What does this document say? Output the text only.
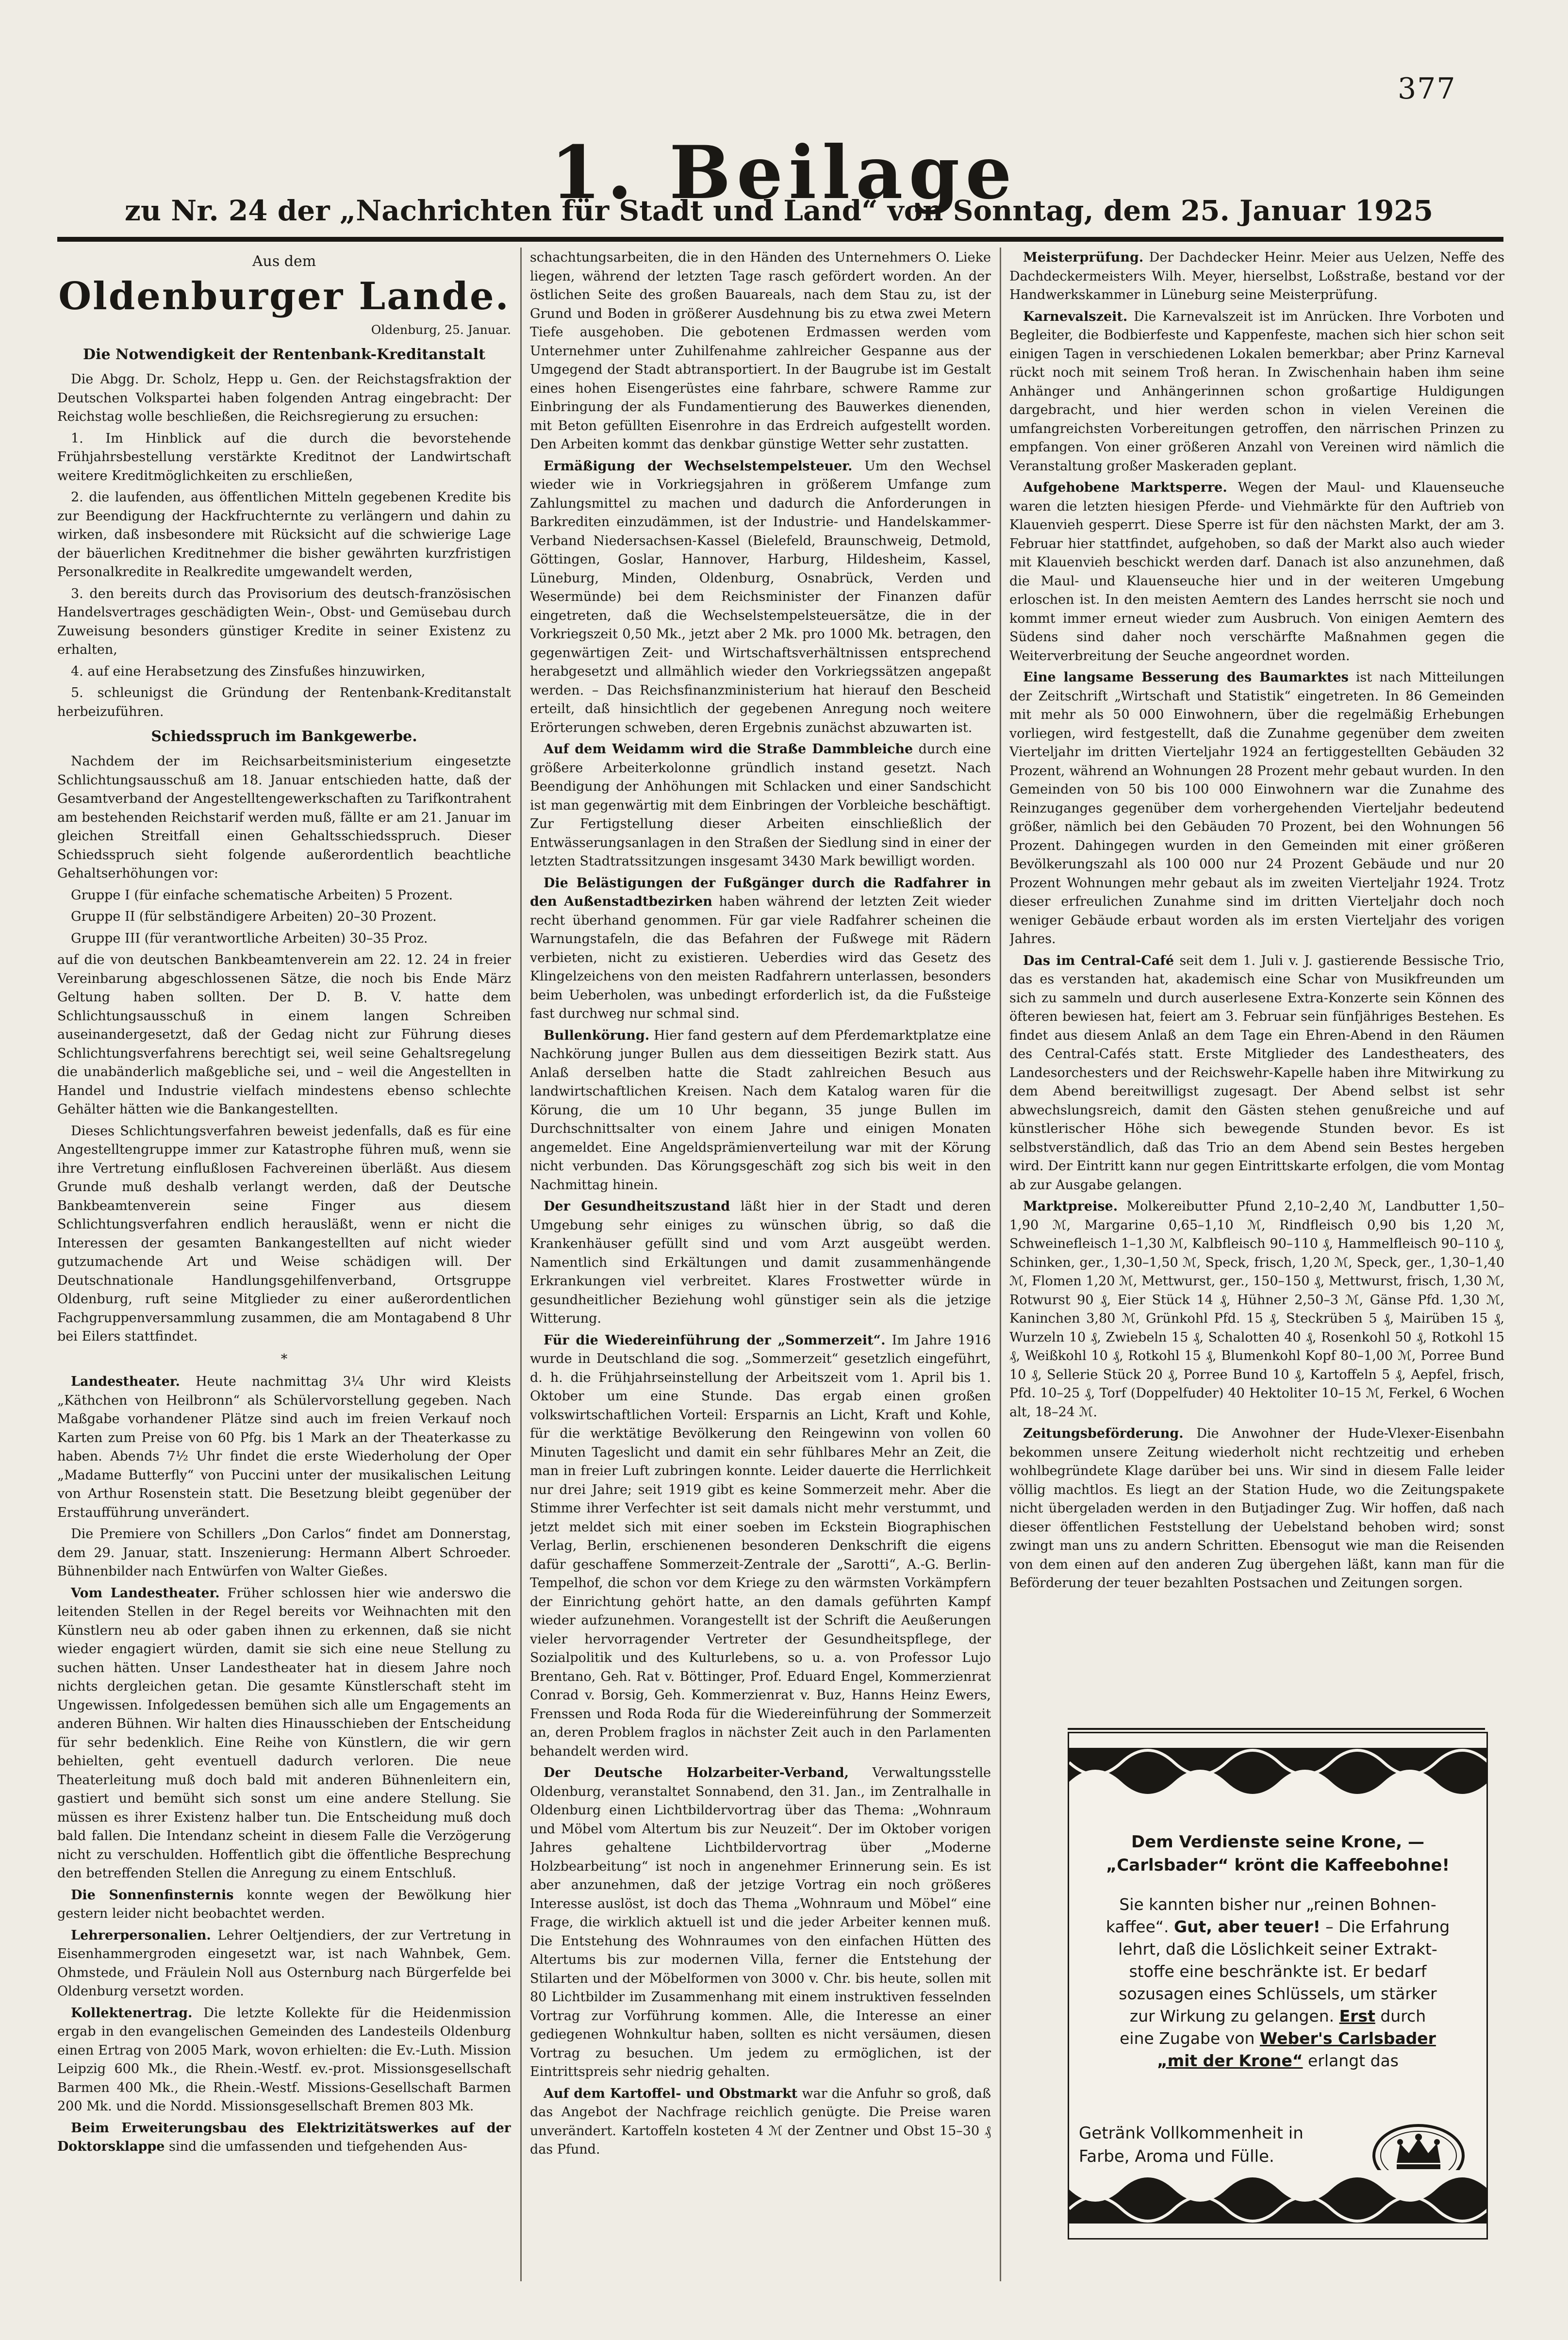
377
1. Beilage
zu Nr. 24 der „Nachrichten für Stadt und Land“ von Sonntag, dem 25. Januar 1925
Aus dem
Oldenburger Lande.
Oldenburg, 25. Januar.
Die Notwendigkeit der Rentenbank-Kreditanstalt

Die Abgg. Dr. Scholz, Hepp u. Gen. der Reichstagsfraktion der Deutschen Volkspartei haben folgenden Antrag eingebracht: Der Reichstag wolle beschließen, die Reichsregierung zu ersuchen:

1. Im Hinblick auf die durch die bevorstehende Frühjahrsbestellung verstärkte Kreditnot der Landwirtschaft weitere Kreditmöglichkeiten zu erschließen,

2. die laufenden, aus öffentlichen Mitteln gegebenen Kredite bis zur Beendigung der Hackfruchternte zu verlängern und dahin zu wirken, daß insbesondere mit Rücksicht auf die schwierige Lage der bäuerlichen Kreditnehmer die bisher gewährten kurzfristigen Personalkredite in Realkredite umgewandelt werden,

3. den bereits durch das Provisorium des deutsch-französischen Handelsvertrages geschädigten Wein-, Obst- und Gemüsebau durch Zuweisung besonders günstiger Kredite in seiner Existenz zu erhalten,

4. auf eine Herabsetzung des Zinsfußes hinzuwirken,

5. schleunigst die Gründung der Rentenbank-Kreditanstalt herbeizuführen.

Schiedsspruch im Bankgewerbe.

Nachdem der im Reichsarbeitsministerium eingesetzte Schlichtungsausschuß am 18. Januar entschieden hatte, daß der Gesamtverband der Angestelltengewerkschaften zu Tarifkontrahent am bestehenden Reichstarif werden muß, fällte er am 21. Januar im gleichen Streitfall einen Gehaltsschiedsspruch. Dieser Schiedsspruch sieht folgende außerordentlich beachtliche Gehaltserhöhungen vor:

Gruppe I (für einfache schematische Arbeiten) 5 Prozent.

Gruppe II (für selbständigere Arbeiten) 20–30 Prozent.

Gruppe III (für verantwortliche Arbeiten) 30–35 Proz.

auf die von deutschen Bankbeamtenverein am 22. 12. 24 in freier Vereinbarung abgeschlossenen Sätze, die noch bis Ende März Geltung haben sollten. Der D. B. V. hatte dem Schlichtungsausschuß in einem langen Schreiben auseinandergesetzt, daß der Gedag nicht zur Führung dieses Schlichtungsverfahrens berechtigt sei, weil seine Gehaltsregelung die unabänderlich maßgebliche sei, und – weil die Angestellten in Handel und Industrie vielfach mindestens ebenso schlechte Gehälter hätten wie die Bankangestellten.

Dieses Schlichtungsverfahren beweist jedenfalls, daß es für eine Angestelltengruppe immer zur Katastrophe führen muß, wenn sie ihre Vertretung einflußlosen Fachvereinen überläßt. Aus diesem Grunde muß deshalb verlangt werden, daß der Deutsche Bankbeamtenverein seine Finger aus diesem Schlichtungsverfahren endlich herausläßt, wenn er nicht die Interessen der gesamten Bankangestellten auf nicht wieder gutzumachende Art und Weise schädigen will. Der Deutschnationale Handlungsgehilfenverband, Ortsgruppe Oldenburg, ruft seine Mitglieder zu einer außerordentlichen Fachgruppenversammlung zusammen, die am Montagabend 8 Uhr bei Eilers stattfindet.

*

Landestheater. Heute nachmittag 3¼ Uhr wird Kleists „Käthchen von Heilbronn“ als Schülervorstellung gegeben. Nach Maßgabe vorhandener Plätze sind auch im freien Verkauf noch Karten zum Preise von 60 Pfg. bis 1 Mark an der Theaterkasse zu haben. Abends 7½ Uhr findet die erste Wiederholung der Oper „Madame Butterfly“ von Puccini unter der musikalischen Leitung von Arthur Rosenstein statt. Die Besetzung bleibt gegenüber der Erstaufführung unverändert.

Die Premiere von Schillers „Don Carlos“ findet am Donnerstag, dem 29. Januar, statt. Inszenierung: Hermann Albert Schroeder. Bühnenbilder nach Entwürfen von Walter Gießes.

Vom Landestheater. Früher schlossen hier wie anderswo die leitenden Stellen in der Regel bereits vor Weihnachten mit den Künstlern neu ab oder gaben ihnen zu erkennen, daß sie nicht wieder engagiert würden, damit sie sich eine neue Stellung zu suchen hätten. Unser Landestheater hat in diesem Jahre noch nichts dergleichen getan. Die gesamte Künstlerschaft steht im Ungewissen. Infolgedessen bemühen sich alle um Engagements an anderen Bühnen. Wir halten dies Hinausschieben der Entscheidung für sehr bedenklich. Eine Reihe von Künstlern, die wir gern behielten, geht eventuell dadurch verloren. Die neue Theaterleitung muß doch bald mit anderen Bühnenleitern ein, gastiert und bemüht sich sonst um eine andere Stellung. Sie müssen es ihrer Existenz halber tun. Die Entscheidung muß doch bald fallen. Die Intendanz scheint in diesem Falle die Verzögerung nicht zu verschulden. Hoffentlich gibt die öffentliche Besprechung den betreffenden Stellen die Anregung zu einem Entschluß.

Die Sonnenfinsternis konnte wegen der Bewölkung hier gestern leider nicht beobachtet werden.

Lehrerpersonalien. Lehrer Oeltjendiers, der zur Vertretung in Eisenhammergroden eingesetzt war, ist nach Wahnbek, Gem. Ohmstede, und Fräulein Noll aus Osternburg nach Bürgerfelde bei Oldenburg versetzt worden.

Kollektenertrag. Die letzte Kollekte für die Heidenmission ergab in den evangelischen Gemeinden des Landesteils Oldenburg einen Ertrag von 2005 Mark, wovon erhielten: die Ev.-Luth. Mission Leipzig 600 Mk., die Rhein.-Westf. ev.-prot. Missionsgesellschaft Barmen 400 Mk., die Rhein.-Westf. Missions-Gesellschaft Barmen 200 Mk. und die Nordd. Missionsgesellschaft Bremen 803 Mk.

Beim Erweiterungsbau des Elektrizitätswerkes auf der Doktorsklappe sind die umfassenden und tiefgehenden Aus-

schachtungsarbeiten, die in den Händen des Unternehmers O. Lieke liegen, während der letzten Tage rasch gefördert worden. An der östlichen Seite des großen Bauareals, nach dem Stau zu, ist der Grund und Boden in größerer Ausdehnung bis zu etwa zwei Metern Tiefe ausgehoben. Die gebotenen Erdmassen werden vom Unternehmer unter Zuhilfenahme zahlreicher Gespanne aus der Umgegend der Stadt abtransportiert. In der Baugrube ist im Gestalt eines hohen Eisengerüstes eine fahrbare, schwere Ramme zur Einbringung der als Fundamentierung des Bauwerkes dienenden, mit Beton gefüllten Eisenrohre in das Erdreich aufgestellt worden. Den Arbeiten kommt das denkbar günstige Wetter sehr zustatten.

Ermäßigung der Wechselstempelsteuer. Um den Wechsel wieder wie in Vorkriegsjahren in größerem Umfange zum Zahlungsmittel zu machen und dadurch die Anforderungen in Barkrediten einzudämmen, ist der Industrie- und Handelskammer-Verband Niedersachsen-Kassel (Bielefeld, Braunschweig, Detmold, Göttingen, Goslar, Hannover, Harburg, Hildesheim, Kassel, Lüneburg, Minden, Oldenburg, Osnabrück, Verden und Wesermünde) bei dem Reichsminister der Finanzen dafür eingetreten, daß die Wechselstempelsteuersätze, die in der Vorkriegszeit 0,50 Mk., jetzt aber 2 Mk. pro 1000 Mk. betragen, den gegenwärtigen Zeit- und Wirtschaftsverhältnissen entsprechend herabgesetzt und allmählich wieder den Vorkriegssätzen angepaßt werden. – Das Reichsfinanzministerium hat hierauf den Bescheid erteilt, daß hinsichtlich der gegebenen Anregung noch weitere Erörterungen schweben, deren Ergebnis zunächst abzuwarten ist.

Auf dem Weidamm wird die Straße Dammbleiche durch eine größere Arbeiterkolonne gründlich instand gesetzt. Nach Beendigung der Anhöhungen mit Schlacken und einer Sandschicht ist man gegenwärtig mit dem Einbringen der Vorbleiche beschäftigt. Zur Fertigstellung dieser Arbeiten einschließlich der Entwässerungsanlagen in den Straßen der Siedlung sind in einer der letzten Stadtratssitzungen insgesamt 3430 Mark bewilligt worden.

Die Belästigungen der Fußgänger durch die Radfahrer in den Außenstadtbezirken haben während der letzten Zeit wieder recht überhand genommen. Für gar viele Radfahrer scheinen die Warnungstafeln, die das Befahren der Fußwege mit Rädern verbieten, nicht zu existieren. Ueberdies wird das Gesetz des Klingelzeichens von den meisten Radfahrern unterlassen, besonders beim Ueberholen, was unbedingt erforderlich ist, da die Fußsteige fast durchweg nur schmal sind.

Bullenkörung. Hier fand gestern auf dem Pferdemarktplatze eine Nachkörung junger Bullen aus dem diesseitigen Bezirk statt. Aus Anlaß derselben hatte die Stadt zahlreichen Besuch aus landwirtschaftlichen Kreisen. Nach dem Katalog waren für die Körung, die um 10 Uhr begann, 35 junge Bullen im Durchschnittsalter von einem Jahre und einigen Monaten angemeldet. Eine Angeldsprämienverteilung war mit der Körung nicht verbunden. Das Körungsgeschäft zog sich bis weit in den Nachmittag hinein.

Der Gesundheitszustand läßt hier in der Stadt und deren Umgebung sehr einiges zu wünschen übrig, so daß die Krankenhäuser gefüllt sind und vom Arzt ausgeübt werden. Namentlich sind Erkältungen und damit zusammenhängende Erkrankungen viel verbreitet. Klares Frostwetter würde in gesundheitlicher Beziehung wohl günstiger sein als die jetzige Witterung.

Für die Wiedereinführung der „Sommerzeit“. Im Jahre 1916 wurde in Deutschland die sog. „Sommerzeit“ gesetzlich eingeführt, d. h. die Frühjahrseinstellung der Arbeitszeit vom 1. April bis 1. Oktober um eine Stunde. Das ergab einen großen volkswirtschaftlichen Vorteil: Ersparnis an Licht, Kraft und Kohle, für die werktätige Bevölkerung den Reingewinn von vollen 60 Minuten Tageslicht und damit ein sehr fühlbares Mehr an Zeit, die man in freier Luft zubringen konnte. Leider dauerte die Herrlichkeit nur drei Jahre; seit 1919 gibt es keine Sommerzeit mehr. Aber die Stimme ihrer Verfechter ist seit damals nicht mehr verstummt, und jetzt meldet sich mit einer soeben im Eckstein Biographischen Verlag, Berlin, erschienenen besonderen Denkschrift die eigens dafür geschaffene Sommerzeit-Zentrale der „Sarotti“, A.-G. Berlin-Tempelhof, die schon vor dem Kriege zu den wärmsten Vorkämpfern der Einrichtung gehört hatte, an den damals geführten Kampf wieder aufzunehmen. Vorangestellt ist der Schrift die Aeußerungen vieler hervorragender Vertreter der Gesundheitspflege, der Sozialpolitik und des Kulturlebens, so u. a. von Professor Lujo Brentano, Geh. Rat v. Böttinger, Prof. Eduard Engel, Kommerzienrat Conrad v. Borsig, Geh. Kommerzienrat v. Buz, Hanns Heinz Ewers, Frenssen und Roda Roda für die Wiedereinführung der Sommerzeit an, deren Problem fraglos in nächster Zeit auch in den Parlamenten behandelt werden wird.

Der Deutsche Holzarbeiter-Verband, Verwaltungsstelle Oldenburg, veranstaltet Sonnabend, den 31. Jan., im Zentralhalle in Oldenburg einen Lichtbildervortrag über das Thema: „Wohnraum und Möbel vom Altertum bis zur Neuzeit“. Der im Oktober vorigen Jahres gehaltene Lichtbildervortrag über „Moderne Holzbearbeitung“ ist noch in angenehmer Erinnerung sein. Es ist aber anzunehmen, daß der jetzige Vortrag ein noch größeres Interesse auslöst, ist doch das Thema „Wohnraum und Möbel“ eine Frage, die wirklich aktuell ist und die jeder Arbeiter kennen muß. Die Entstehung des Wohnraumes von den einfachen Hütten des Altertums bis zur modernen Villa, ferner die Entstehung der Stilarten und der Möbelformen von 3000 v. Chr. bis heute, sollen mit 80 Lichtbilder im Zusammenhang mit einem instruktiven fesselnden Vortrag zur Vorführung kommen. Alle, die Interesse an einer gediegenen Wohnkultur haben, sollten es nicht versäumen, diesen Vortrag zu besuchen. Um jedem zu ermöglichen, ist der Eintrittspreis sehr niedrig gehalten.

Auf dem Kartoffel- und Obstmarkt war die Anfuhr so groß, daß das Angebot der Nachfrage reichlich genügte. Die Preise waren unverändert. Kartoffeln kosteten 4 ℳ der Zentner und Obst 15–30 ₰ das Pfund.

Meisterprüfung. Der Dachdecker Heinr. Meier aus Uelzen, Neffe des Dachdeckermeisters Wilh. Meyer, hierselbst, Loßstraße, bestand vor der Handwerkskammer in Lüneburg seine Meisterprüfung.

Karnevalszeit. Die Karnevalszeit ist im Anrücken. Ihre Vorboten und Begleiter, die Bodbierfeste und Kappenfeste, machen sich hier schon seit einigen Tagen in verschiedenen Lokalen bemerkbar; aber Prinz Karneval rückt noch mit seinem Troß heran. In Zwischenhain haben ihm seine Anhänger und Anhängerinnen schon großartige Huldigungen dargebracht, und hier werden schon in vielen Vereinen die umfangreichsten Vorbereitungen getroffen, den närrischen Prinzen zu empfangen. Von einer größeren Anzahl von Vereinen wird nämlich die Veranstaltung großer Maskeraden geplant.

Aufgehobene Marktsperre. Wegen der Maul- und Klauenseuche waren die letzten hiesigen Pferde- und Viehmärkte für den Auftrieb von Klauenvieh gesperrt. Diese Sperre ist für den nächsten Markt, der am 3. Februar hier stattfindet, aufgehoben, so daß der Markt also auch wieder mit Klauenvieh beschickt werden darf. Danach ist also anzunehmen, daß die Maul- und Klauenseuche hier und in der weiteren Umgebung erloschen ist. In den meisten Aemtern des Landes herrscht sie noch und kommt immer erneut wieder zum Ausbruch. Von einigen Aemtern des Südens sind daher noch verschärfte Maßnahmen gegen die Weiterverbreitung der Seuche angeordnet worden.

Eine langsame Besserung des Baumarktes ist nach Mitteilungen der Zeitschrift „Wirtschaft und Statistik“ eingetreten. In 86 Gemeinden mit mehr als 50 000 Einwohnern, über die regelmäßig Erhebungen vorliegen, wird festgestellt, daß die Zunahme gegenüber dem zweiten Vierteljahr im dritten Vierteljahr 1924 an fertiggestellten Gebäuden 32 Prozent, während an Wohnungen 28 Prozent mehr gebaut wurden. In den Gemeinden von 50 bis 100 000 Einwohnern war die Zunahme des Reinzuganges gegenüber dem vorhergehenden Vierteljahr bedeutend größer, nämlich bei den Gebäuden 70 Prozent, bei den Wohnungen 56 Prozent. Dahingegen wurden in den Gemeinden mit einer größeren Bevölkerungszahl als 100 000 nur 24 Prozent Gebäude und nur 20 Prozent Wohnungen mehr gebaut als im zweiten Vierteljahr 1924. Trotz dieser erfreulichen Zunahme sind im dritten Vierteljahr doch noch weniger Gebäude erbaut worden als im ersten Vierteljahr des vorigen Jahres.

Das im Central-Café seit dem 1. Juli v. J. gastierende Bessische Trio, das es verstanden hat, akademisch eine Schar von Musikfreunden um sich zu sammeln und durch auserlesene Extra-Konzerte sein Können des öfteren bewiesen hat, feiert am 3. Februar sein fünfjähriges Bestehen. Es findet aus diesem Anlaß an dem Tage ein Ehren-Abend in den Räumen des Central-Cafés statt. Erste Mitglieder des Landestheaters, des Landesorchesters und der Reichswehr-Kapelle haben ihre Mitwirkung zu dem Abend bereitwilligst zugesagt. Der Abend selbst ist sehr abwechslungsreich, damit den Gästen stehen genußreiche und auf künstlerischer Höhe sich bewegende Stunden bevor. Es ist selbstverständlich, daß das Trio an dem Abend sein Bestes hergeben wird. Der Eintritt kann nur gegen Eintrittskarte erfolgen, die vom Montag ab zur Ausgabe gelangen.

Marktpreise. Molkereibutter Pfund 2,10–2,40 ℳ, Landbutter 1,50–1,90 ℳ, Margarine 0,65–1,10 ℳ, Rindfleisch 0,90 bis 1,20 ℳ, Schweinefleisch 1–1,30 ℳ, Kalbfleisch 90–110 ₰, Hammelfleisch 90–110 ₰, Schinken, ger., 1,30–1,50 ℳ, Speck, frisch, 1,20 ℳ, Speck, ger., 1,30–1,40 ℳ, Flomen 1,20 ℳ, Mettwurst, ger., 150–150 ₰, Mettwurst, frisch, 1,30 ℳ, Rotwurst 90 ₰, Eier Stück 14 ₰, Hühner 2,50–3 ℳ, Gänse Pfd. 1,30 ℳ, Kaninchen 3,80 ℳ, Grünkohl Pfd. 15 ₰, Steckrüben 5 ₰, Mairüben 15 ₰, Wurzeln 10 ₰, Zwiebeln 15 ₰, Schalotten 40 ₰, Rosenkohl 50 ₰, Rotkohl 15 ₰, Weißkohl 10 ₰, Rotkohl 15 ₰, Blumenkohl Kopf 80–1,00 ℳ, Porree Bund 10 ₰, Sellerie Stück 20 ₰, Porree Bund 10 ₰, Kartoffeln 5 ₰, Aepfel, frisch, Pfd. 10–25 ₰, Torf (Doppelfuder) 40 Hektoliter 10–15 ℳ, Ferkel, 6 Wochen alt, 18–24 ℳ.

Zeitungsbeförderung. Die Anwohner der Hude-Vlexer-Eisenbahn bekommen unsere Zeitung wiederholt nicht rechtzeitig und erheben wohlbegründete Klage darüber bei uns. Wir sind in diesem Falle leider völlig machtlos. Es liegt an der Station Hude, wo die Zeitungspakete nicht übergeladen werden in den Butjadinger Zug. Wir hoffen, daß nach dieser öffentlichen Feststellung der Uebelstand behoben wird; sonst zwingt man uns zu andern Schritten. Ebensogut wie man die Reisenden von dem einen auf den anderen Zug übergehen läßt, kann man für die Beförderung der teuer bezahlten Postsachen und Zeitungen sorgen.

Dem Verdienste seine Krone, —
„Carlsbader“ krönt die Kaffeebohne!
Sie kannten bisher nur „reinen Bohnen-
kaffee“. Gut, aber teuer! – Die Erfahrung
lehrt, daß die Löslichkeit seiner Extrakt-
stoffe eine beschränkte ist. Er bedarf
sozusagen eines Schlüssels, um stärker
zur Wirkung zu gelangen. Erst durch
eine Zugabe von Weber's Carlsbader
„mit der Krone“ erlangt das
Getränk Vollkommenheit in
Farbe, Aroma und Fülle.
